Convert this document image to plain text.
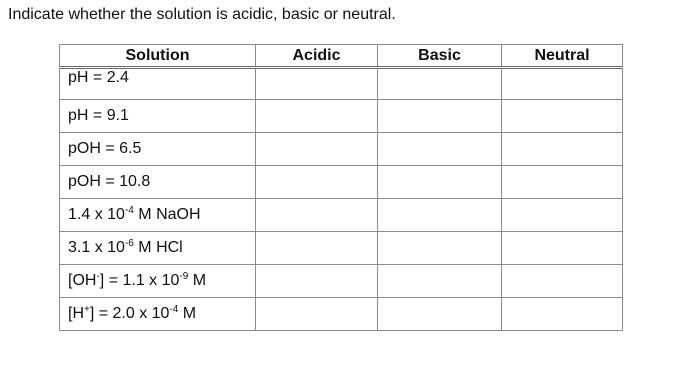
Indicate whether the solution is acidic, basic or neutral.
Solution	Acidic	Basic	Neutral
pH = 2.4			
pH = 9.1			
pOH = 6.5			
pOH = 10.8			
1.4 x $10^{-4}$ M NaOH			
3.1 x $10^{-6}$ M HCl			
[OH-] = 1.1 x $10^{-9}$ M			
[H+] = 2.0 x $10^{-4}$ M			
